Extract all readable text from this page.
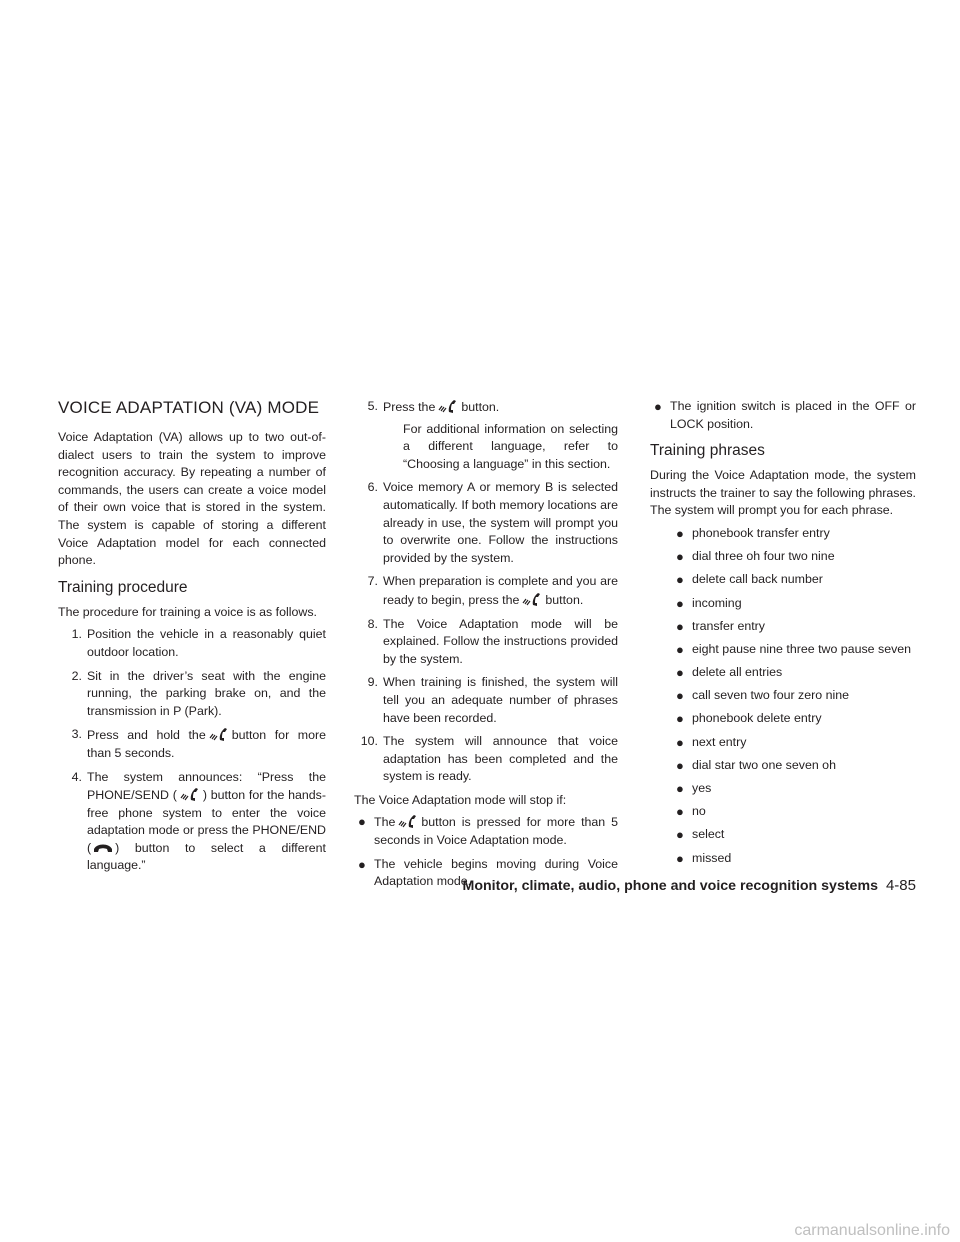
VOICE ADAPTATION (VA) MODE

Voice Adaptation (VA) allows up to two out-of-dialect users to train the system to improve recognition accuracy. By repeating a number of commands, the users can create a voice model of their own voice that is stored in the system. The system is capable of storing a different Voice Adaptation model for each connected phone.

Training procedure

The procedure for training a voice is as follows.

1. Position the vehicle in a reasonably quiet outdoor location.
2. Sit in the driver’s seat with the engine running, the parking brake on, and the transmission in P (Park).
3. Press and hold the button for more than 5 seconds.
4. The system announces: “Press the PHONE/SEND ( ) button for the hands-free phone system to enter the voice adaptation mode or press the PHONE/END ( ) button to select a different language.”
5. Press the button.
For additional information on selecting a different language, refer to “Choosing a language” in this section.
6. Voice memory A or memory B is selected automatically. If both memory locations are already in use, the system will prompt you to overwrite one. Follow the instructions provided by the system.
7. When preparation is complete and you are ready to begin, press the button.
8. The Voice Adaptation mode will be explained. Follow the instructions provided by the system.
9. When training is finished, the system will tell you an adequate number of phrases have been recorded.
10. The system will announce that voice adaptation has been completed and the system is ready.

The Voice Adaptation mode will stop if:

● The button is pressed for more than 5 seconds in Voice Adaptation mode.
● The vehicle begins moving during Voice Adaptation mode.
● The ignition switch is placed in the OFF or LOCK position.
Training phrases

During the Voice Adaptation mode, the system instructs the trainer to say the following phrases. The system will prompt you for each phrase.

● phonebook transfer entry
● dial three oh four two nine
● delete call back number
● incoming
● transfer entry
● eight pause nine three two pause seven
● delete all entries
● call seven two four zero nine
● phonebook delete entry
● next entry
● dial star two one seven oh
● yes
● no
● select
● missed
Monitor, climate, audio, phone and voice recognition systems 4-85
carmanualsonline.info
